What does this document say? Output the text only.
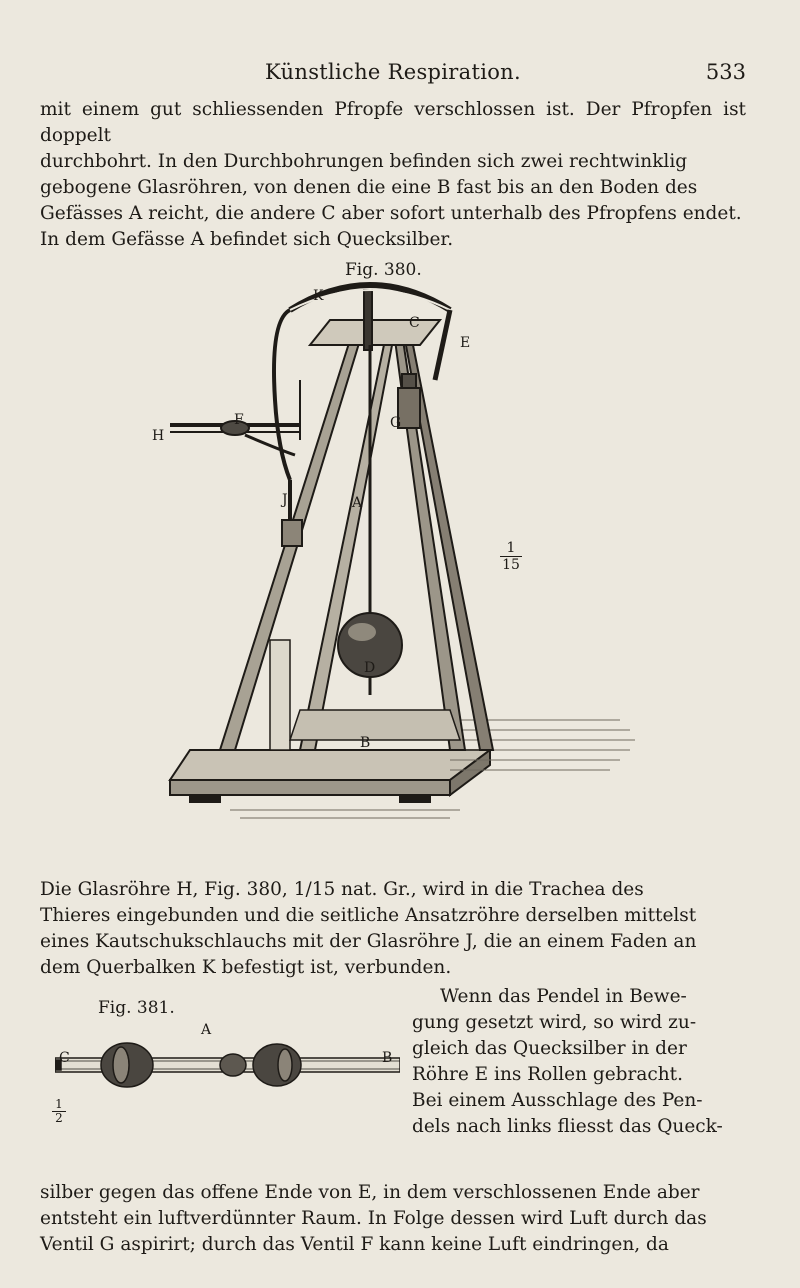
Künstliche Respiration.	533

mit einem gut schliessenden Pfropfe verschlossen ist. Der Pfropfen ist doppelt

durchbohrt. In den Durchbohrungen befinden sich zwei rechtwinklig

gebogene Glasröhren, von denen die eine B fast bis an den Boden des

Gefässes A reicht, die andere C aber sofort unterhalb des Pfropfens endet.

In dem Gefässe A befindet sich Quecksilber.

Fig. 380.
K
C
E
F
H
G
J	A
D
B
$\frac{1}{15}$

Die Glasröhre H, Fig. 380, 1/15 nat. Gr., wird in die Trachea des

Thieres eingebunden und die seitliche Ansatzröhre derselben mittelst

eines Kautschukschlauchs mit der Glasröhre J, die an einem Faden an

dem Querbalken K befestigt ist, verbunden.

Fig. 381.
A
B
C
$\frac{1}{2}$
Wenn das Pendel in Bewe-
gung gesetzt wird, so wird zu-
gleich das Quecksilber in der
Röhre E ins Rollen gebracht.
Bei einem Ausschlage des Pen-
dels nach links fliesst das Queck-

silber gegen das offene Ende von E, in dem verschlossenen Ende aber

entsteht ein luftverdünnter Raum. In Folge dessen wird Luft durch das

Ventil G aspirirt; durch das Ventil F kann keine Luft eindringen, da
